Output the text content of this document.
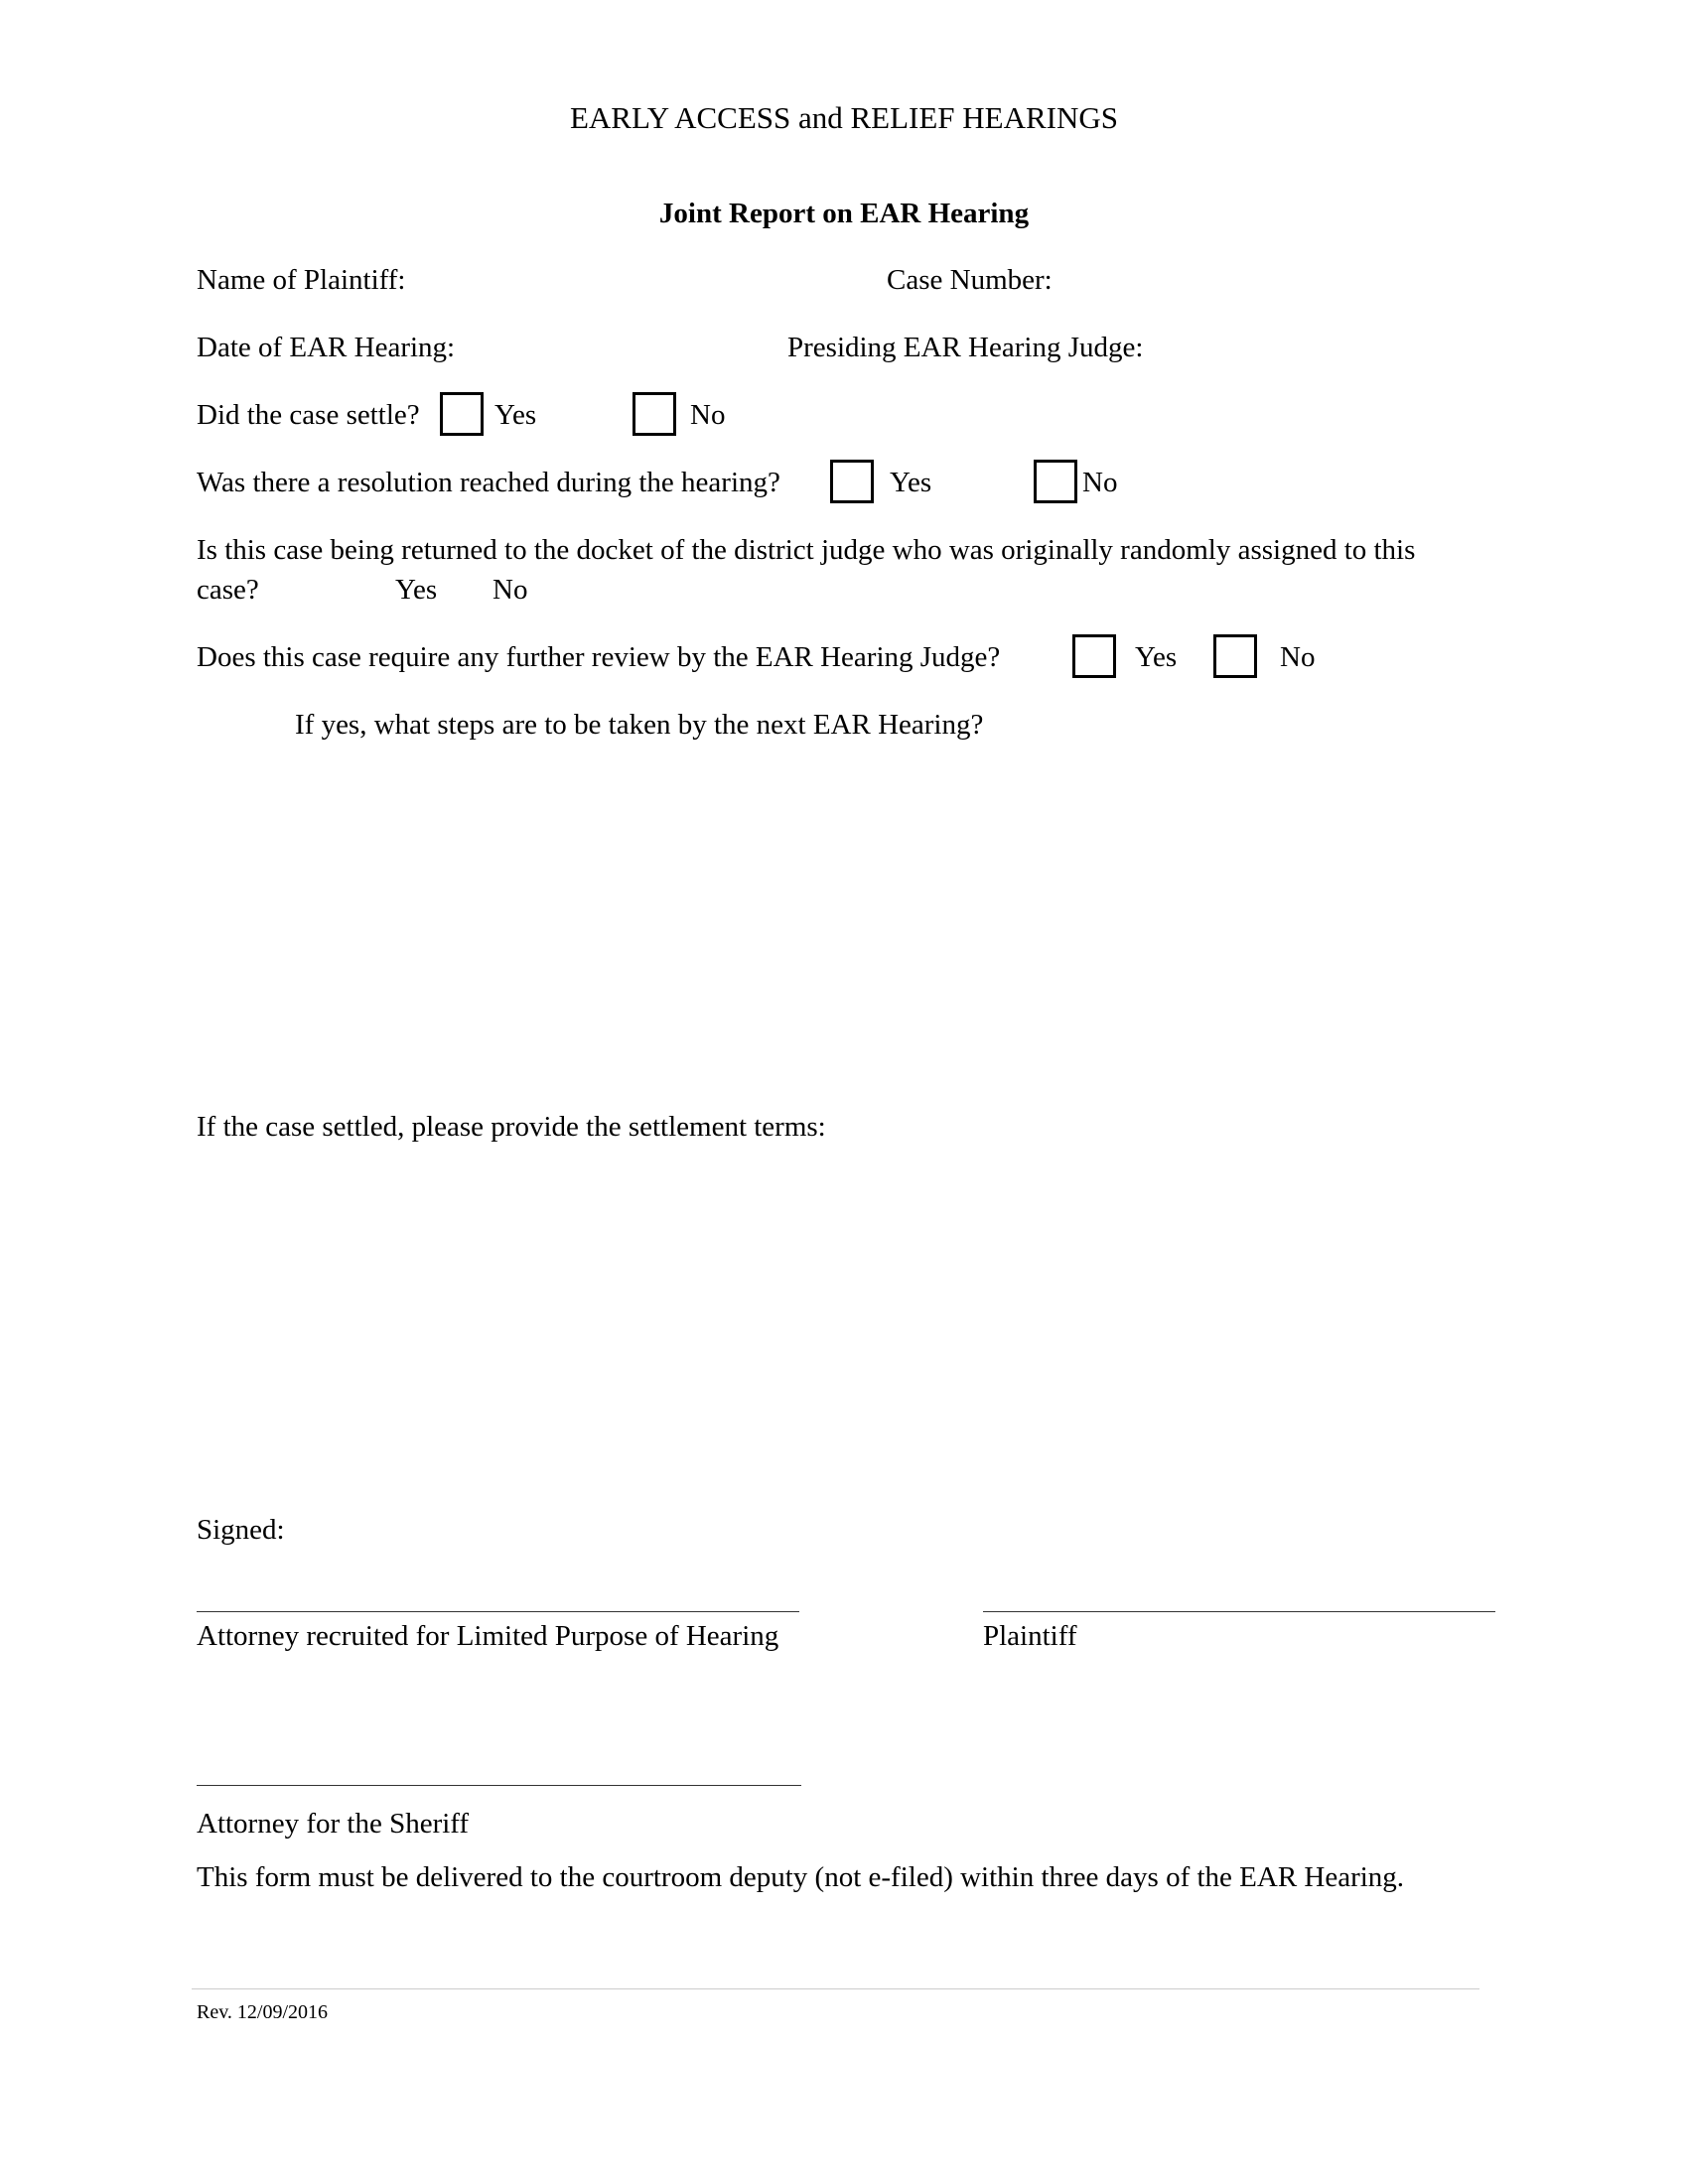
EARLY ACCESS and RELIEF HEARINGS
Joint Report on EAR Hearing
Name of Plaintiff:	Case Number:
Date of EAR Hearing:	Presiding EAR Hearing Judge:
Did the case settle?	Yes	No
Was there a resolution reached during the hearing?	Yes	No
Is this case being returned to the docket of the district judge who was originally randomly assigned to this
case?	Yes No
Does this case require any further review by the EAR Hearing Judge?	Yes	No
If yes, what steps are to be taken by the next EAR Hearing?
If the case settled, please provide the settlement terms:
Signed:
Attorney recruited for Limited Purpose of Hearing	Plaintiff
Attorney for the Sheriff
This form must be delivered to the courtroom deputy (not e-filed) within three days of the EAR Hearing.
Rev. 12/09/2016
